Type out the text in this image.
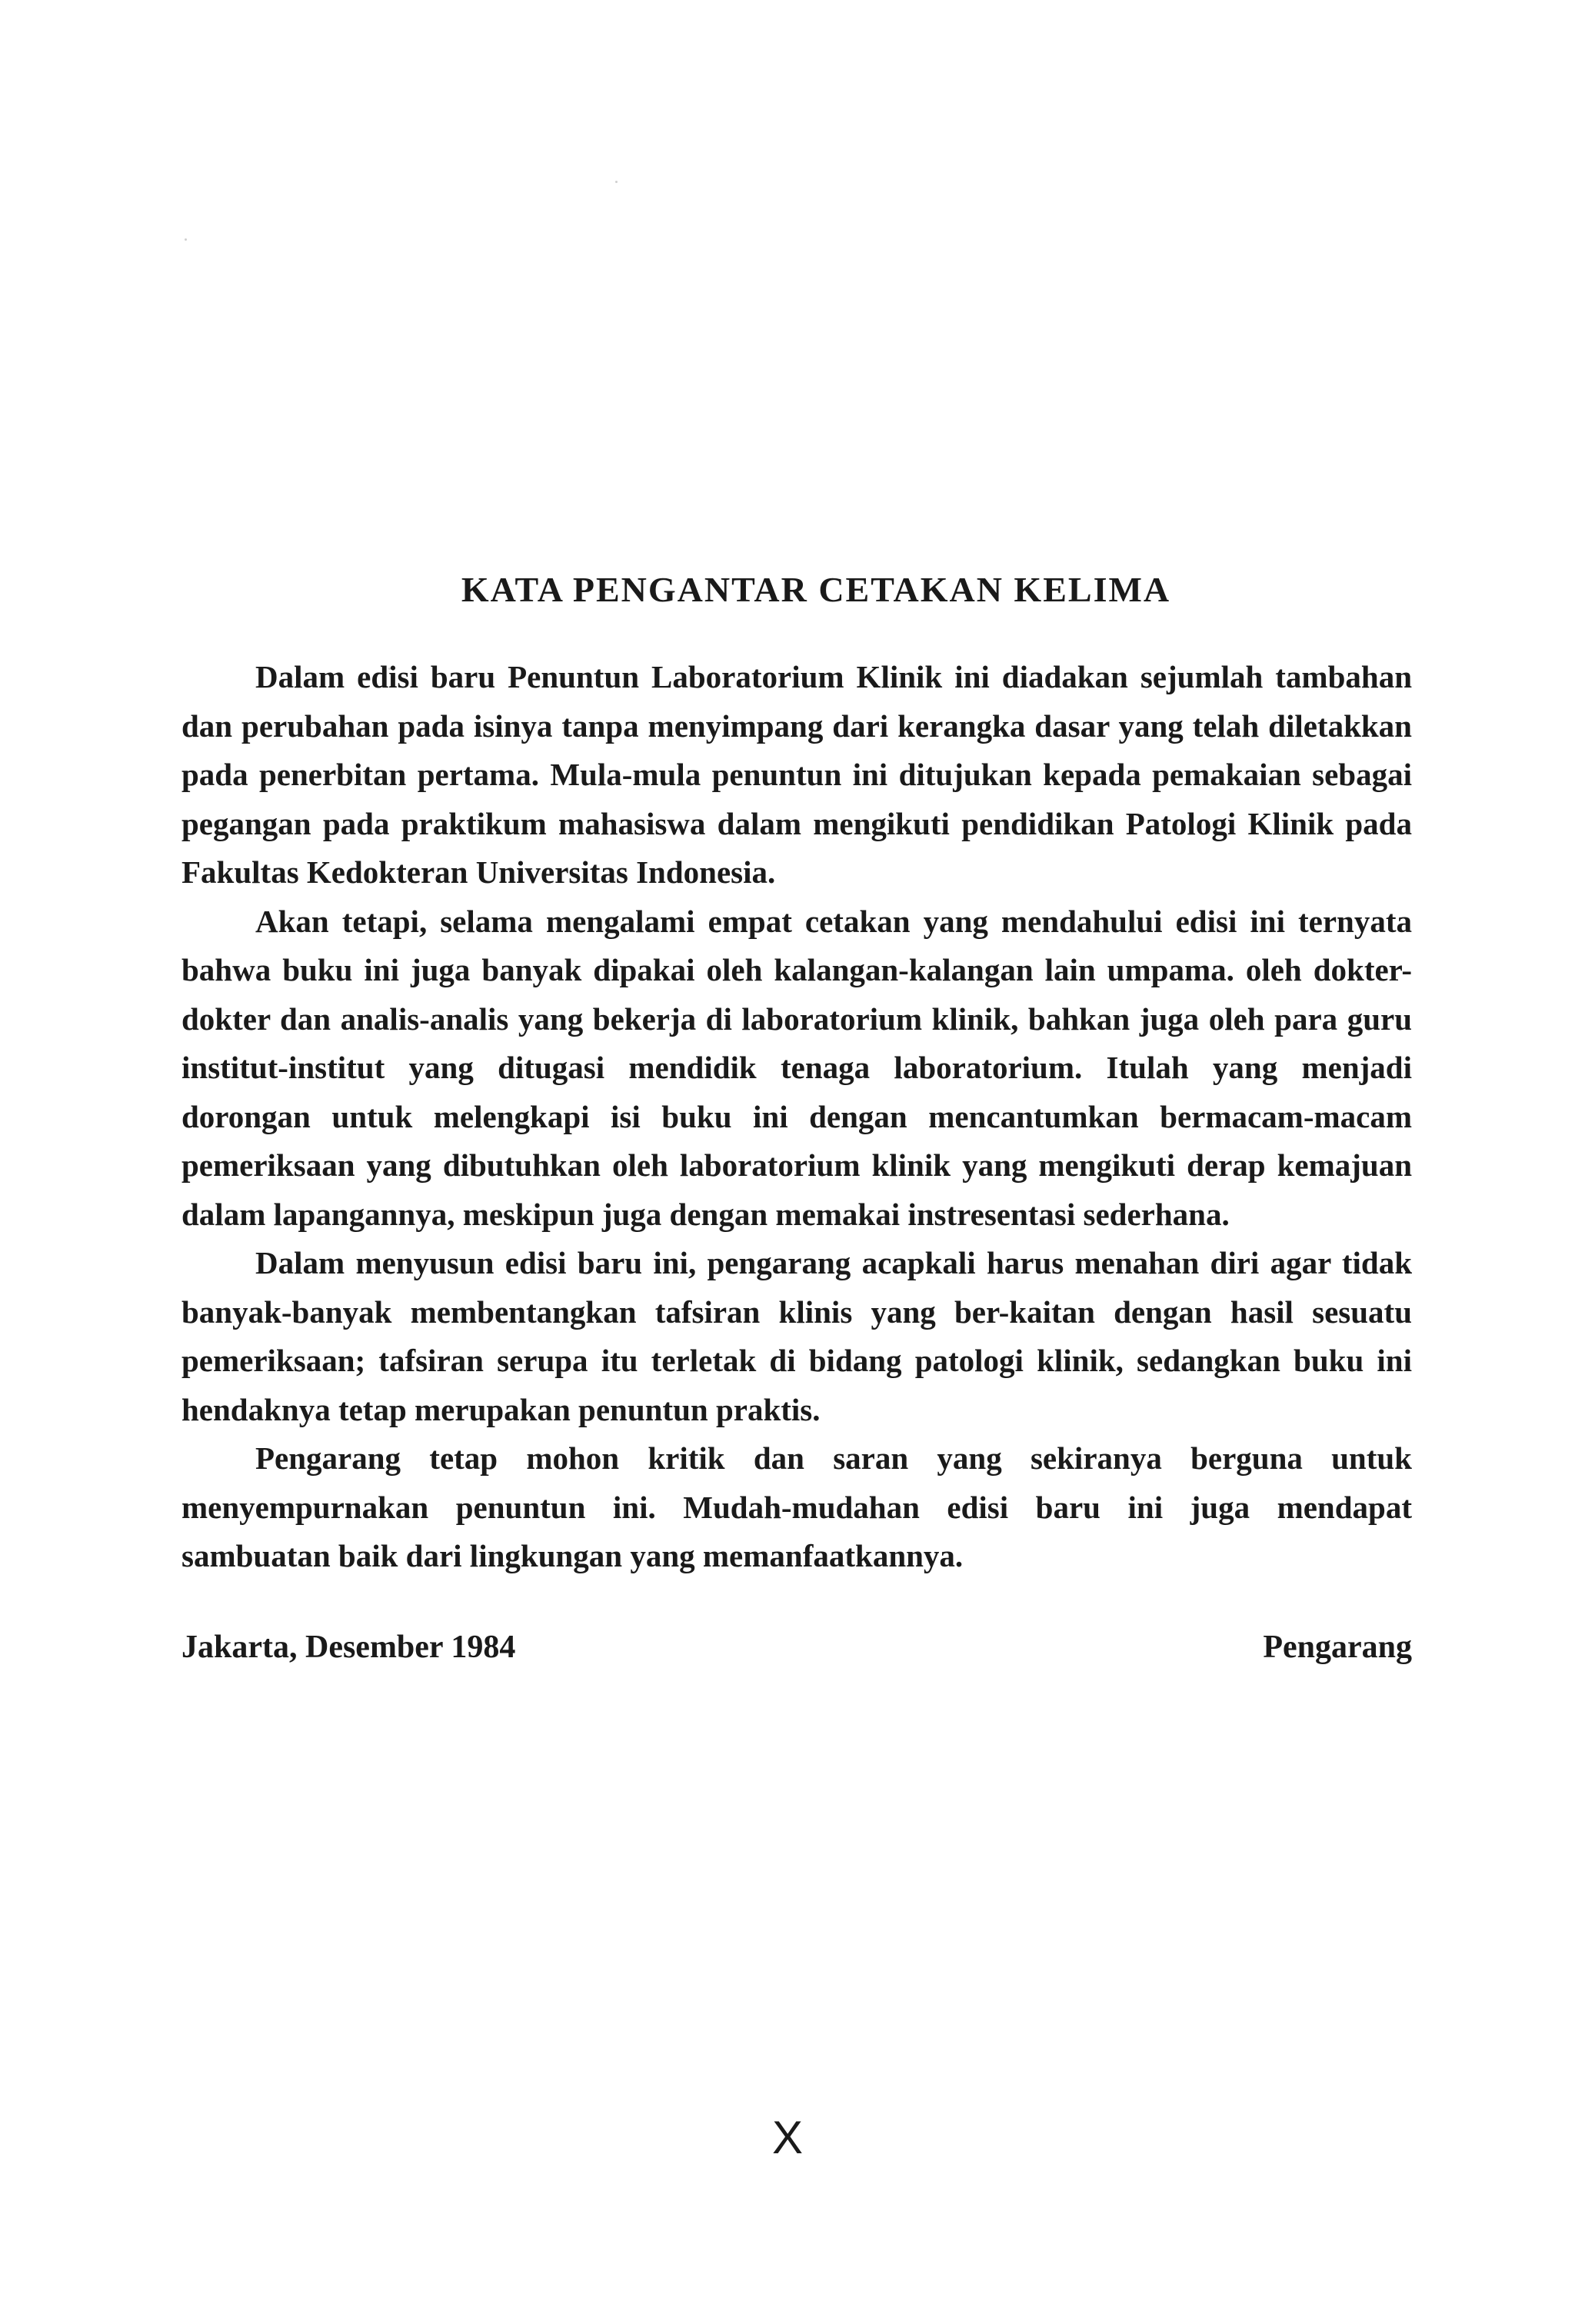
KATA PENGANTAR CETAKAN KELIMA

Dalam edisi baru Penuntun Laboratorium Klinik ini diadakan sejumlah tambahan dan perubahan pada isinya tanpa menyimpang dari kerangka dasar yang telah diletakkan pada penerbitan pertama. Mula-mula penuntun ini ditujukan kepada pemakaian sebagai pegangan pada praktikum mahasiswa dalam mengikuti pendidikan Patologi Klinik pada Fakultas Kedokteran Universitas Indonesia.

Akan tetapi, selama mengalami empat cetakan yang mendahului edisi ini ternyata bahwa buku ini juga banyak dipakai oleh kalangan-kalangan lain umpama. oleh dokter-dokter dan analis-analis yang bekerja di laboratorium klinik, bahkan juga oleh para guru institut-institut yang ditugasi mendidik tenaga laboratorium. Itulah yang menjadi dorongan untuk melengkapi isi buku ini dengan mencantumkan bermacam-macam pemeriksaan yang dibutuhkan oleh laboratorium klinik yang mengikuti derap kemajuan dalam lapangannya, meskipun juga dengan memakai instresentasi sederhana.

Dalam menyusun edisi baru ini, pengarang acapkali harus menahan diri agar tidak banyak-banyak membentangkan tafsiran klinis yang ber-kaitan dengan hasil sesuatu pemeriksaan; tafsiran serupa itu terletak di bidang patologi klinik, sedangkan buku ini hendaknya tetap merupakan penuntun praktis.

Pengarang tetap mohon kritik dan saran yang sekiranya berguna untuk menyempurnakan penuntun ini. Mudah-mudahan edisi baru ini juga mendapat sambuatan baik dari lingkungan yang memanfaatkannya.

Jakarta, Desember 1984	Pengarang
X
